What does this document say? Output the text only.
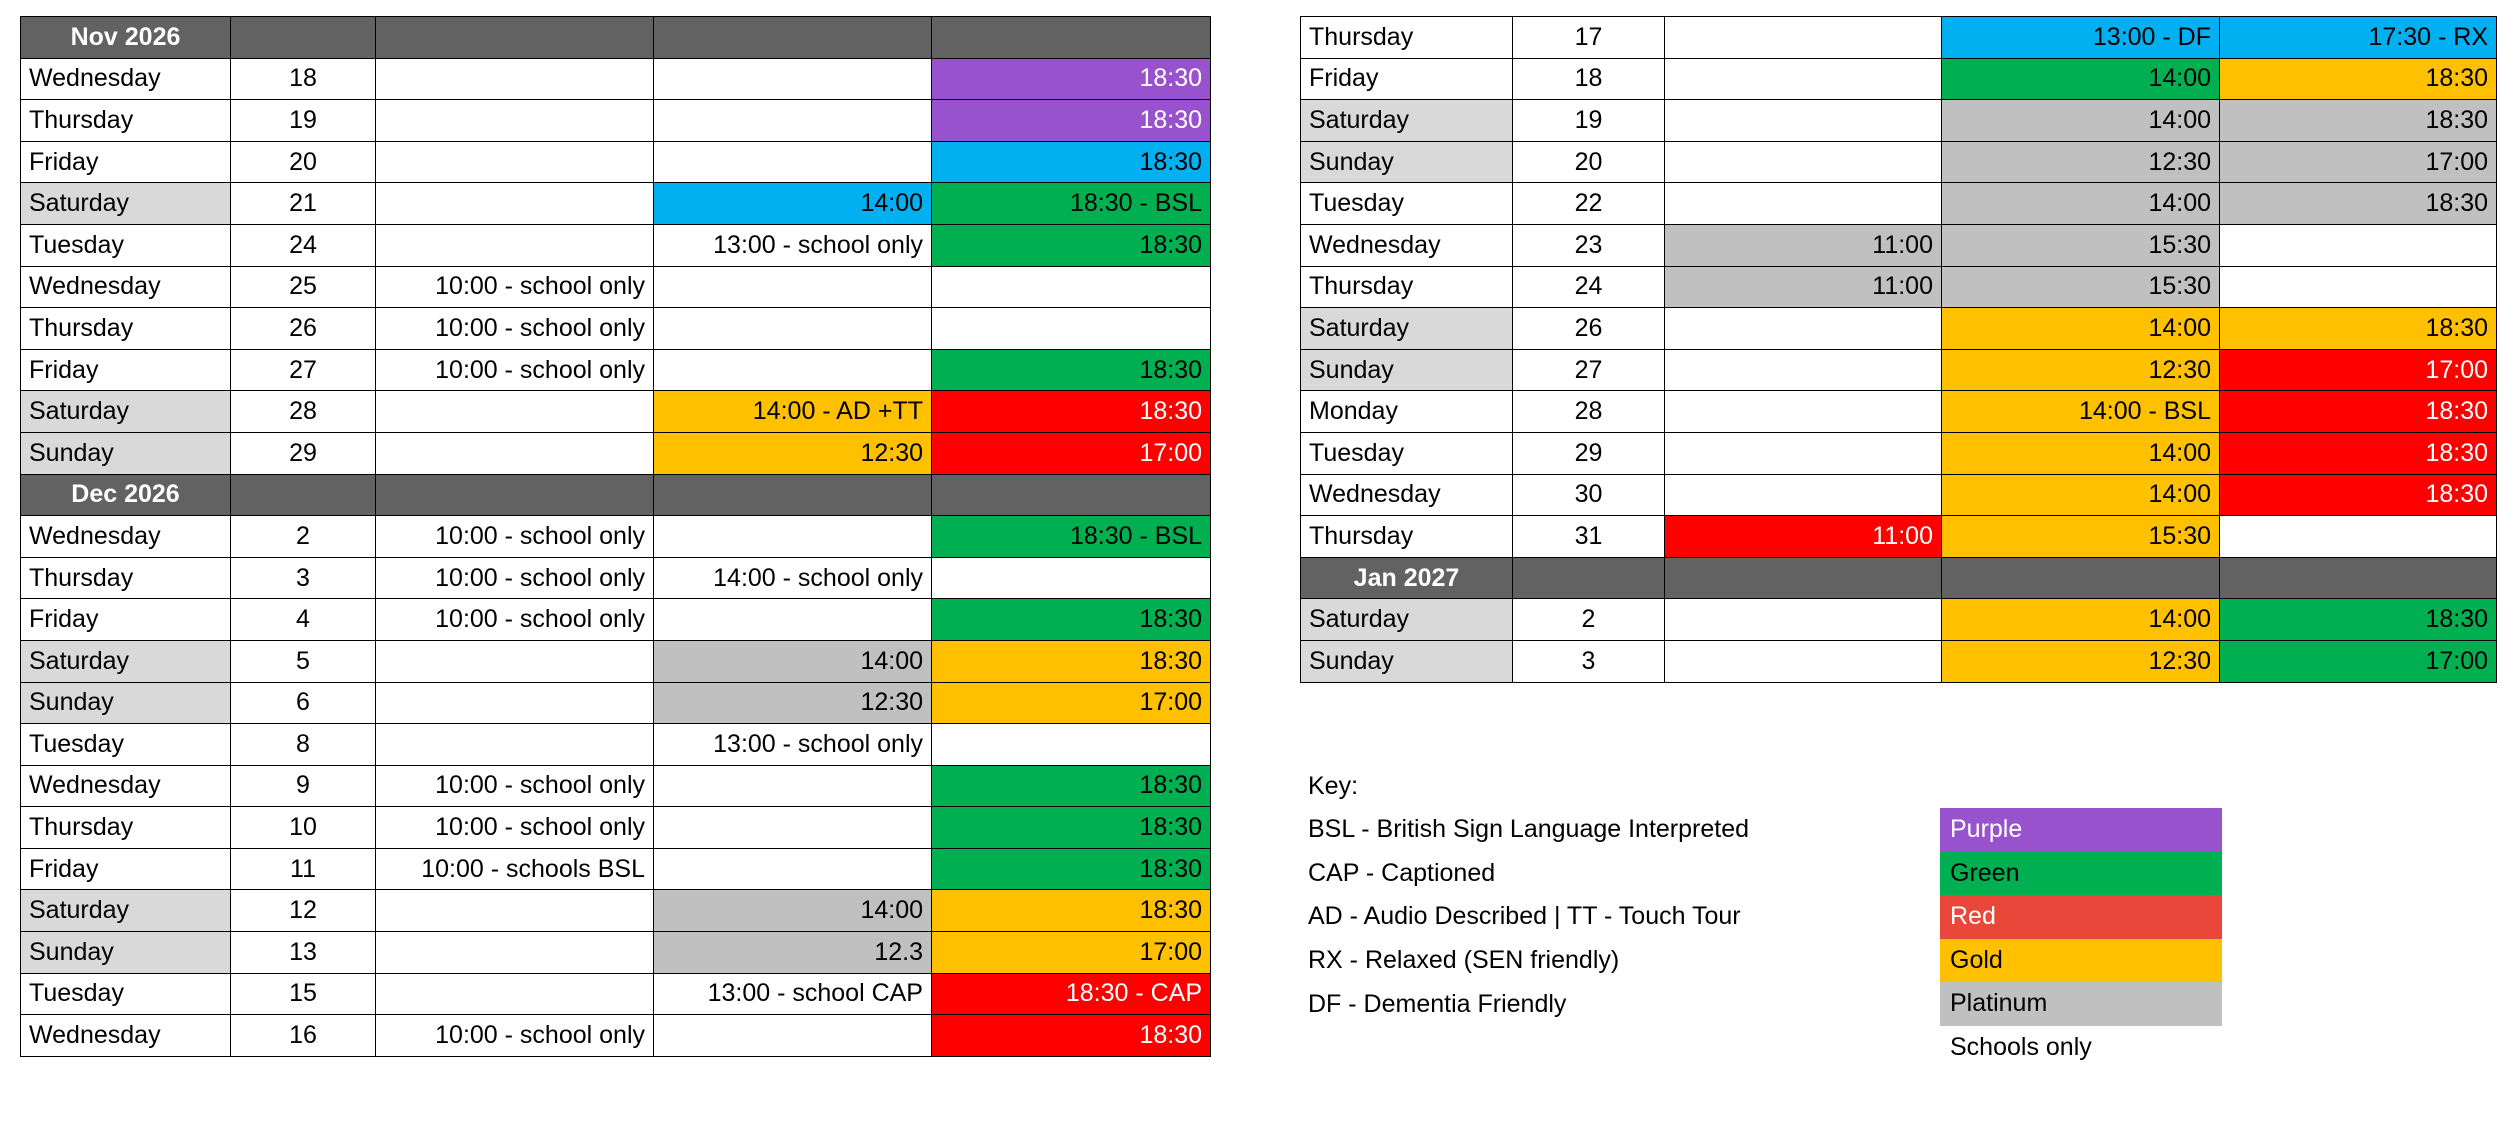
Nov 2026				
Wednesday	18			18:30
Thursday	19			18:30
Friday	20			18:30
Saturday	21		14:00	18:30 - BSL
Tuesday	24		13:00 - school only	18:30
Wednesday	25	10:00 - school only		
Thursday	26	10:00 - school only		
Friday	27	10:00 - school only		18:30
Saturday	28		14:00 - AD +TT	18:30
Sunday	29		12:30	17:00
Dec 2026				
Wednesday	2	10:00 - school only		18:30 - BSL
Thursday	3	10:00 - school only	14:00 - school only	
Friday	4	10:00 - school only		18:30
Saturday	5		14:00	18:30
Sunday	6		12:30	17:00
Tuesday	8		13:00 - school only	
Wednesday	9	10:00 - school only		18:30
Thursday	10	10:00 - school only		18:30
Friday	11	10:00 - schools BSL		18:30
Saturday	12		14:00	18:30
Sunday	13		12.3	17:00
Tuesday	15		13:00 - school CAP	18:30 - CAP
Wednesday	16	10:00 - school only		18:30
Thursday	17		13:00 - DF	17:30 - RX
Friday	18		14:00	18:30
Saturday	19		14:00	18:30
Sunday	20		12:30	17:00
Tuesday	22		14:00	18:30
Wednesday	23	11:00	15:30	
Thursday	24	11:00	15:30	
Saturday	26		14:00	18:30
Sunday	27		12:30	17:00
Monday	28		14:00 - BSL	18:30
Tuesday	29		14:00	18:30
Wednesday	30		14:00	18:30
Thursday	31	11:00	15:30	
Jan 2027				
Saturday	2		14:00	18:30
Sunday	3		12:30	17:00
Key:
BSL - British Sign Language Interpreted	Purple
CAP - Captioned	Green
AD - Audio Described | TT - Touch Tour	Red
RX - Relaxed (SEN friendly)	Gold
DF - Dementia Friendly	Platinum
Schools only
